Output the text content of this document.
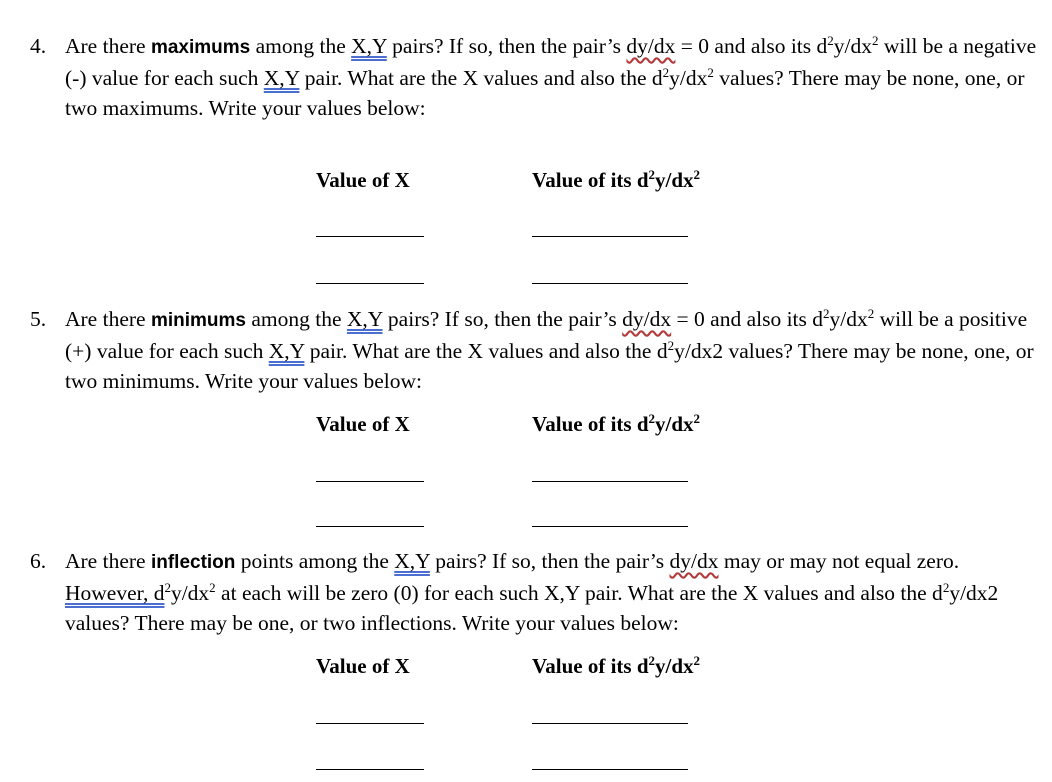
4. Are there maximums among the X,Y pairs? If so, then the pair’s dy/dx = 0 and also its $d^2y/dx^2$ will be a negative (-) value for each such X,Y pair. What are the X values and also the $d^2y/dx^2$ values? There may be none, one, or two maximums. Write your values below:
Value of X	Value of its $d^2y/dx^2$
5. Are there minimums among the X,Y pairs? If so, then the pair’s dy/dx = 0 and also its $d^2y/dx^2$ will be a positive (+) value for each such X,Y pair. What are the X values and also the $d^2y/dx2$ values? There may be none, one, or two minimums. Write your values below:
Value of X	Value of its $d^2y/dx^2$
6. Are there inflection points among the X,Y pairs? If so, then the pair’s dy/dx may or may not equal zero. However, $d^2y/dx^2$ at each will be zero (0) for each such X,Y pair. What are the X values and also the $d^2y/dx2$ values? There may be one, or two inflections. Write your values below:
Value of X	Value of its $d^2y/dx^2$
